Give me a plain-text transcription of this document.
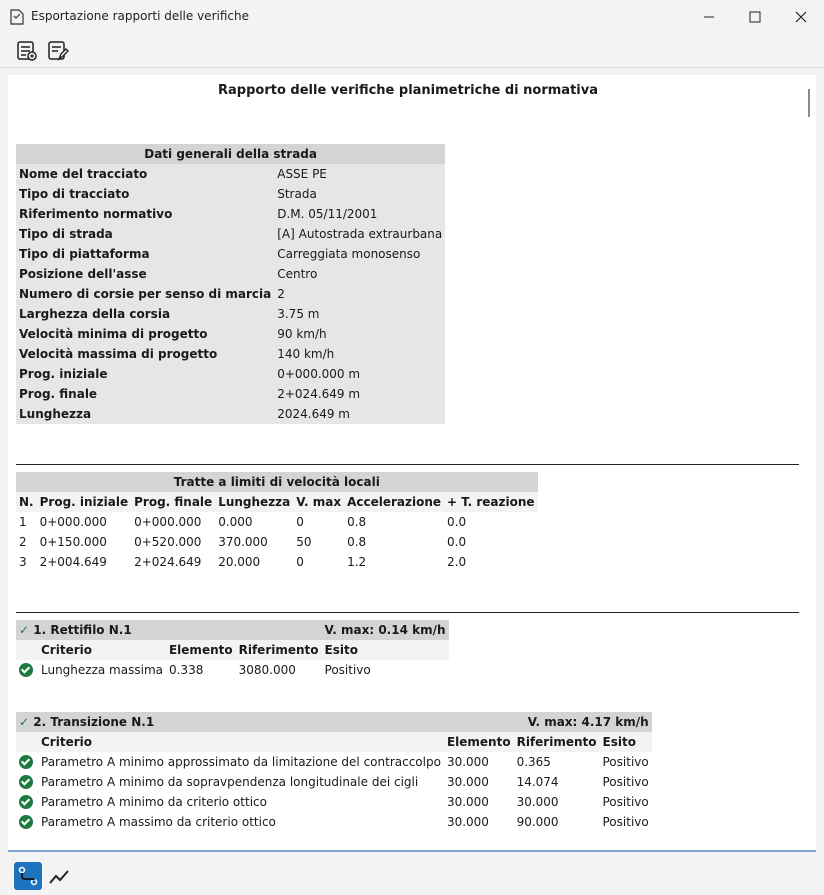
Esportazione rapporti delle verifiche
Rapporto delle verifiche planimetriche di normativa
Dati generali della strada	
Nome del tracciato	ASSE PE
Tipo di tracciato	Strada
Riferimento normativo	D.M. 05/11/2001
Tipo di strada	[A] Autostrada extraurbana
Tipo di piattaforma	Carreggiata monosenso
Posizione dell'asse	Centro
Numero di corsie per senso di marcia	2
Larghezza della corsia	3.75 m
Velocità minima di progetto	90 km/h
Velocità massima di progetto	140 km/h
Prog. iniziale	0+000.000 m
Prog. finale	2+024.649 m
Lunghezza	2024.649 m
Tratte a limiti di velocità locali						
N.	Prog. iniziale	Prog. finale	Lunghezza	V. max	Accelerazione	+ T. reazione
1	0+000.000	0+000.000	0.000	0	0.8	0.0
2	0+150.000	0+520.000	370.000	50	0.8	0.0
3	2+004.649	2+024.649	20.000	0	1.2	2.0
✓ 1. Rettifilo N.1				V. max: 0.14 km/h
	Criterio	Elemento	Riferimento	Esito
	Lunghezza massima	0.338	3080.000	Positivo
✓ 2. Transizione N.1			V. max: 4.17 km/h	
	Criterio	Elemento	Riferimento	Esito
	Parametro A minimo approssimato da limitazione del contraccolpo	30.000	0.365	Positivo
	Parametro A minimo da sopravpendenza longitudinale dei cigli	30.000	14.074	Positivo
	Parametro A minimo da criterio ottico	30.000	30.000	Positivo
	Parametro A massimo da criterio ottico	30.000	90.000	Positivo
